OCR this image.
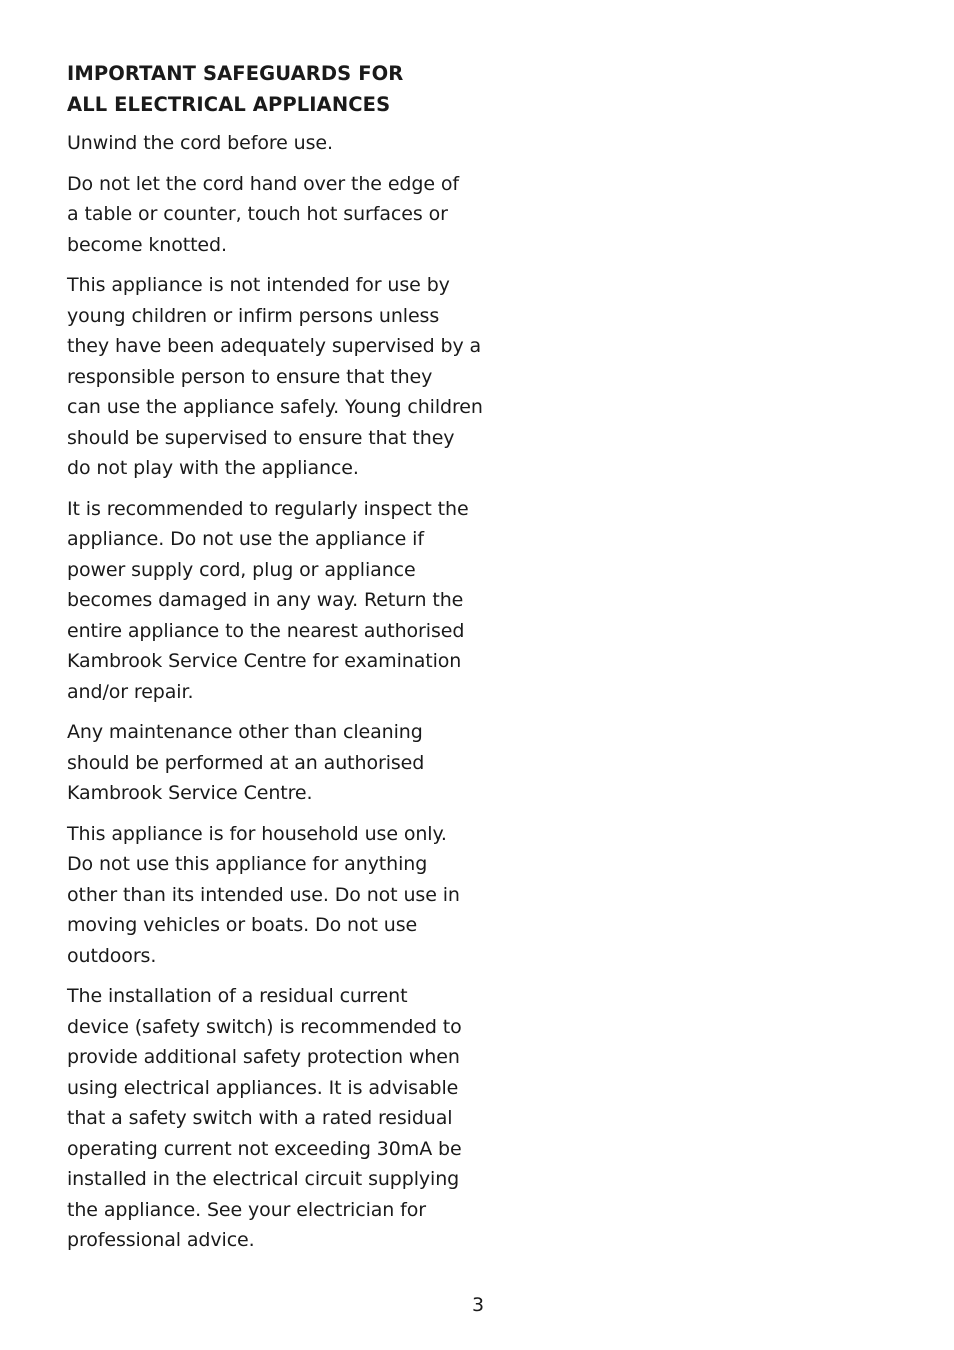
IMPORTANT SAFEGUARDS FOR
ALL ELECTRICAL APPLIANCES

Unwind the cord before use.

Do not let the cord hand over the edge of
a table or counter, touch hot surfaces or
become knotted.

This appliance is not intended for use by
young children or infirm persons unless
they have been adequately supervised by a
responsible person to ensure that they
can use the appliance safely. Young children
should be supervised to ensure that they
do not play with the appliance.

It is recommended to regularly inspect the
appliance. Do not use the appliance if
power supply cord, plug or appliance
becomes damaged in any way. Return the
entire appliance to the nearest authorised
Kambrook Service Centre for examination
and/or repair.

Any maintenance other than cleaning
should be performed at an authorised
Kambrook Service Centre.

This appliance is for household use only.
Do not use this appliance for anything
other than its intended use. Do not use in
moving vehicles or boats. Do not use
outdoors.

The installation of a residual current
device (safety switch) is recommended to
provide additional safety protection when
using electrical appliances. It is advisable
that a safety switch with a rated residual
operating current not exceeding 30mA be
installed in the electrical circuit supplying
the appliance. See your electrician for
professional advice.

3
